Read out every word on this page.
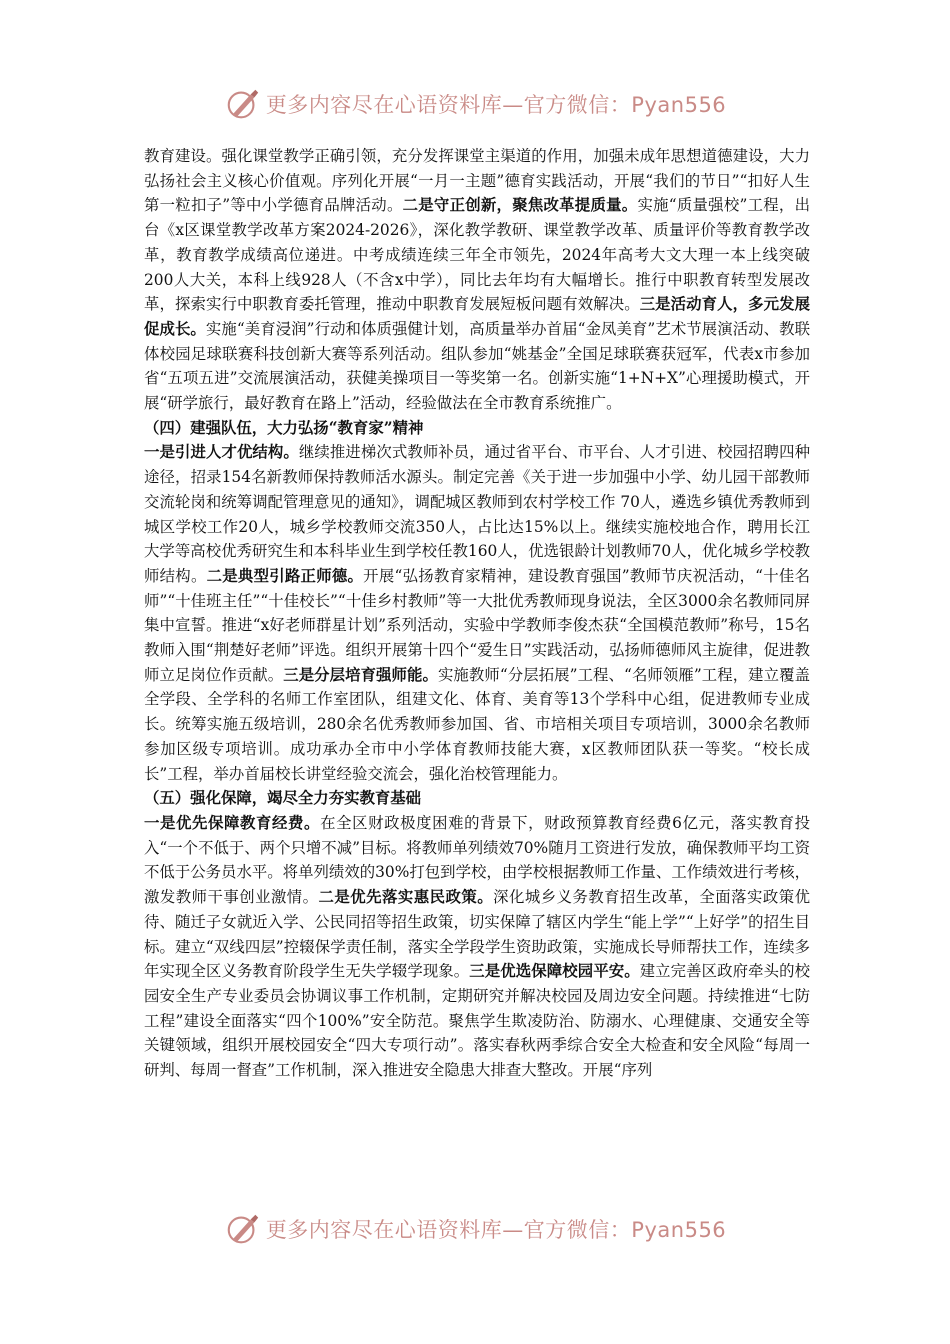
更多内容尽在心语资料库—官方微信：Pyan556

教育建设。强化课堂教学正确引领，充分发挥课堂主渠道的作用，加强未成年思想道德建设，大力弘扬社会主义核心价值观。序列化开展“一月一主题”德育实践活动，开展“我们的节日”“扣好人生第一粒扣子”等中小学德育品牌活动。二是守正创新，聚焦改革提质量。实施“质量强校”工程，出台《x区课堂教学改革方案2024-2026》，深化教学教研、课堂教学改革、质量评价等教育教学改革，教育教学成绩高位递进。中考成绩连续三年全市领先，2024年高考大文大理一本上线突破200人大关，本科上线928人（不含x中学），同比去年均有大幅增长。推行中职教育转型发展改革，探索实行中职教育委托管理，推动中职教育发展短板问题有效解决。三是活动育人，多元发展促成长。实施“美育浸润”行动和体质强健计划，高质量举办首届“金凤美育”艺术节展演活动、教联体校园足球联赛科技创新大赛等系列活动。组队参加“姚基金”全国足球联赛获冠军，代表x市参加省“五项五进”交流展演活动，获健美操项目一等奖第一名。创新实施“1+N+X”心理援助模式，开展“研学旅行，最好教育在路上”活动，经验做法在全市教育系统推广。

（四）建强队伍，大力弘扬“教育家”精神

一是引进人才优结构。继续推进梯次式教师补员，通过省平台、市平台、人才引进、校园招聘四种途径，招录154名新教师保持教师活水源头。制定完善《关于进一步加强中小学、幼儿园干部教师交流轮岗和统筹调配管理意见的通知》，调配城区教师到农村学校工作 70人，遴选乡镇优秀教师到城区学校工作20人，城乡学校教师交流350人，占比达15%以上。继续实施校地合作，聘用长江大学等高校优秀研究生和本科毕业生到学校任教160人，优选银龄计划教师70人，优化城乡学校教师结构。二是典型引路正师德。开展“弘扬教育家精神，建设教育强国”教师节庆祝活动，“十佳名师”“十佳班主任”“十佳校长”“十佳乡村教师”等一大批优秀教师现身说法，全区3000余名教师同屏集中宣誓。推进“x好老师群星计划”系列活动，实验中学教师李俊杰获“全国模范教师”称号，15名教师入围“荆楚好老师”评选。组织开展第十四个“爱生日”实践活动，弘扬师德师风主旋律，促进教师立足岗位作贡献。三是分层培育强师能。实施教师“分层拓展”工程、“名师领雁”工程，建立覆盖全学段、全学科的名师工作室团队，组建文化、体育、美育等13个学科中心组，促进教师专业成长。统筹实施五级培训，280余名优秀教师参加国、省、市培相关项目专项培训，3000余名教师参加区级专项培训。成功承办全市中小学体育教师技能大赛，x区教师团队获一等奖。“校长成长”工程，举办首届校长讲堂经验交流会，强化治校管理能力。

（五）强化保障，竭尽全力夯实教育基础

一是优先保障教育经费。在全区财政极度困难的背景下，财政预算教育经费6亿元，落实教育投入“一个不低于、两个只增不减”目标。将教师单列绩效70%随月工资进行发放，确保教师平均工资不低于公务员水平。将单列绩效的30%打包到学校，由学校根据教师工作量、工作绩效进行考核，激发教师干事创业激情。二是优先落实惠民政策。深化城乡义务教育招生改革，全面落实政策优待、随迁子女就近入学、公民同招等招生政策，切实保障了辖区内学生“能上学”“上好学”的招生目标。建立“双线四层”控辍保学责任制，落实全学段学生资助政策，实施成长导师帮扶工作，连续多年实现全区义务教育阶段学生无失学辍学现象。三是优选保障校园平安。建立完善区政府牵头的校园安全生产专业委员会协调议事工作机制，定期研究并解决校园及周边安全问题。持续推进“七防工程”建设全面落实“四个100%”安全防范。聚焦学生欺凌防治、防溺水、心理健康、交通安全等关键领域，组织开展校园安全“四大专项行动”。落实春秋两季综合安全大检查和安全风险“每周一研判、每周一督查”工作机制，深入推进安全隐患大排查大整改。开展“序列

更多内容尽在心语资料库—官方微信：Pyan556
